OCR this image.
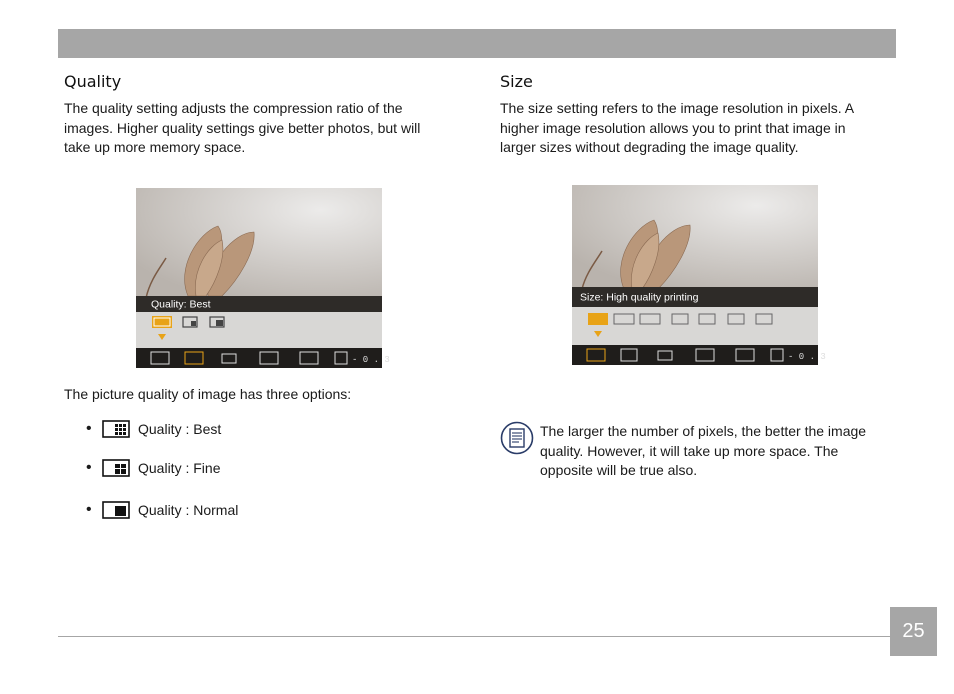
Quality
The quality setting adjusts the compression ratio of the images. Higher quality settings give better photos, but will take up more memory space.
Quality: Best
- 0 . 3
The picture quality of image has three options:
•	Quality : Best
•	Quality : Fine
•	Quality : Normal
Size
The size setting refers to the image resolution in pixels. A higher image resolution allows you to print that image in larger sizes without degrading the image quality.
Size: High quality printing
- 0 . 3
The larger the number of pixels, the better the image quality. However, it will take up more space. The opposite will be true also.
25
